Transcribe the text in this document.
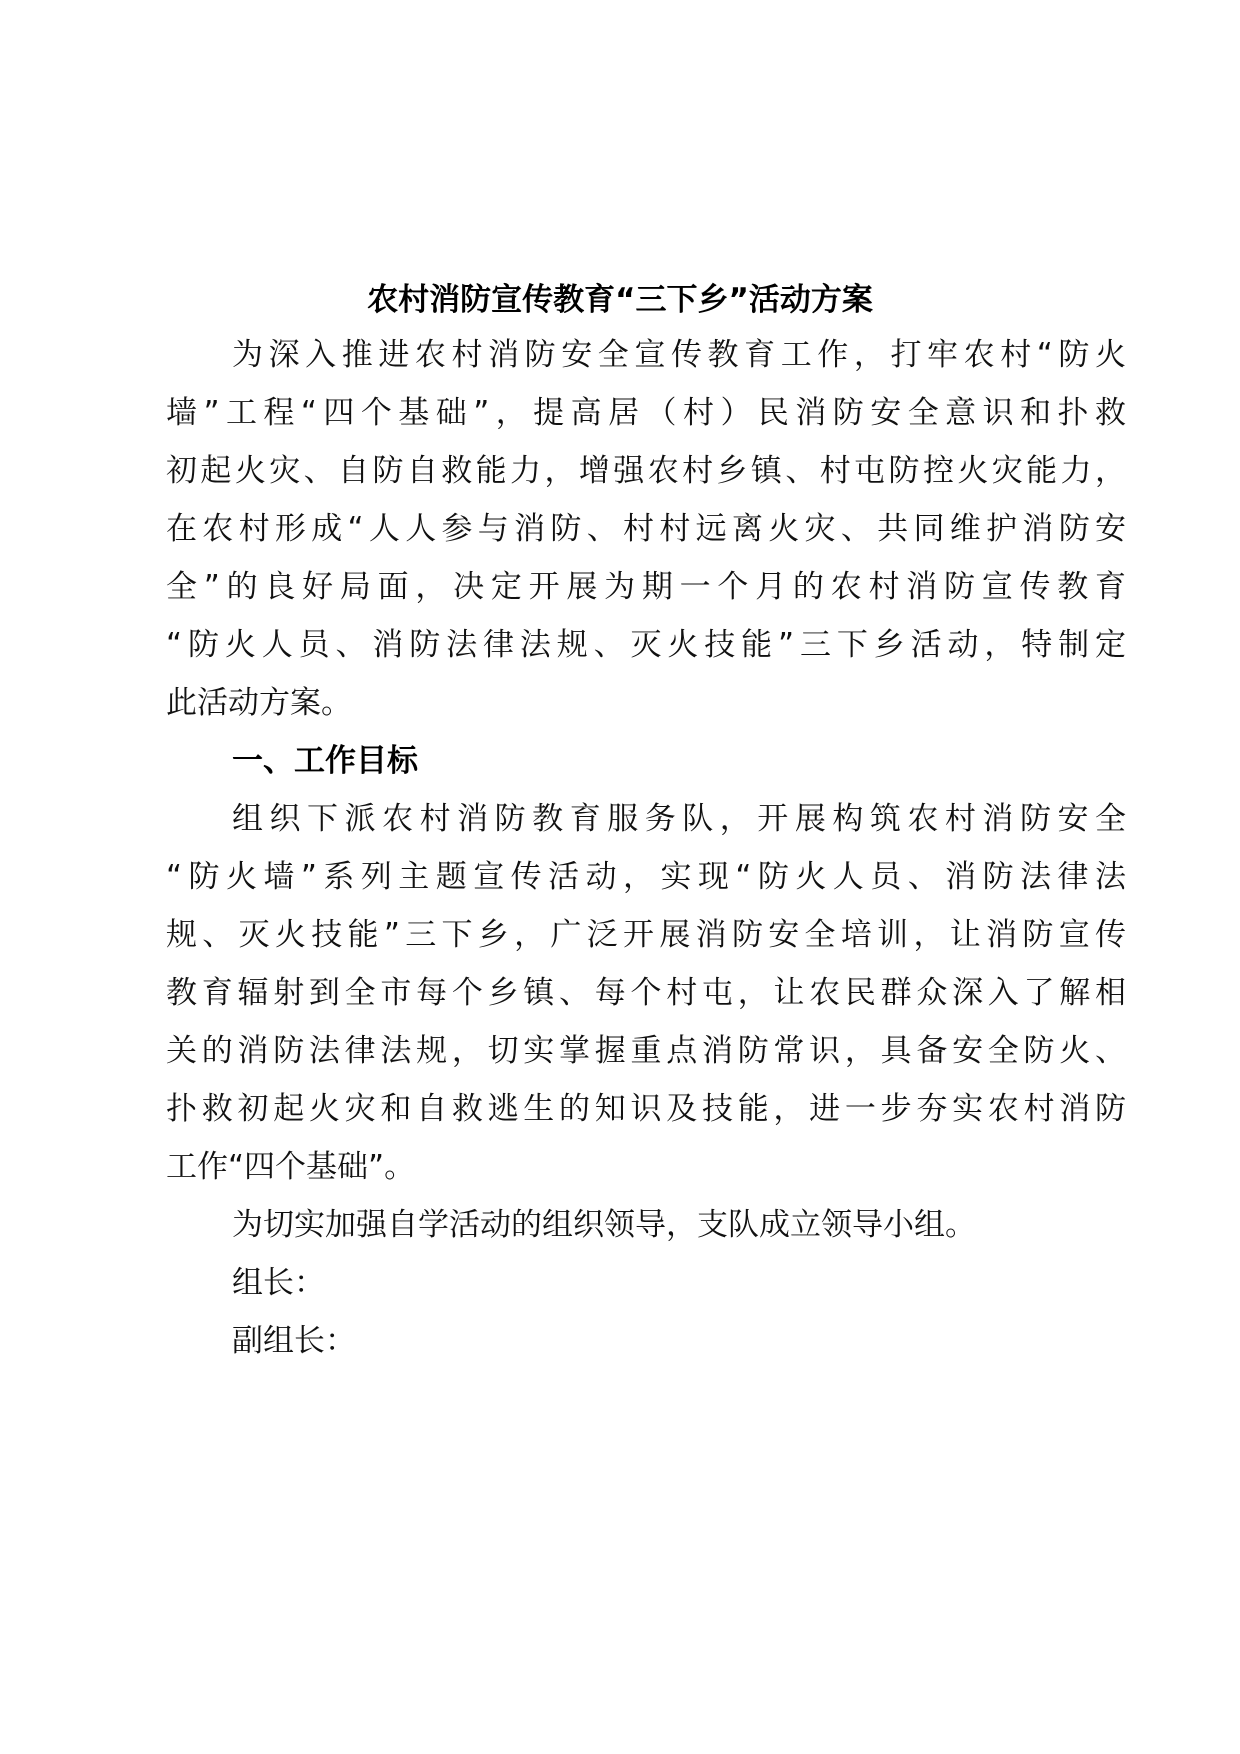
农村消防宣传教育“三下乡”活动方案
为深入推进农村消防安全宣传教育工作，打牢农村“防火
墙”工程“四个基础”，提高居（村）民消防安全意识和扑救
初起火灾、自防自救能力，增强农村乡镇、村屯防控火灾能力，
在农村形成“人人参与消防、村村远离火灾、共同维护消防安
全”的良好局面，决定开展为期一个月的农村消防宣传教育
“防火人员、消防法律法规、灭火技能”三下乡活动，特制定
此活动方案。
一、工作目标
组织下派农村消防教育服务队，开展构筑农村消防安全
“防火墙”系列主题宣传活动，实现“防火人员、消防法律法
规、灭火技能”三下乡，广泛开展消防安全培训，让消防宣传
教育辐射到全市每个乡镇、每个村屯，让农民群众深入了解相
关的消防法律法规，切实掌握重点消防常识，具备安全防火、
扑救初起火灾和自救逃生的知识及技能，进一步夯实农村消防
工作“四个基础”。
为切实加强自学活动的组织领导，支队成立领导小组。
组长：
副组长：
